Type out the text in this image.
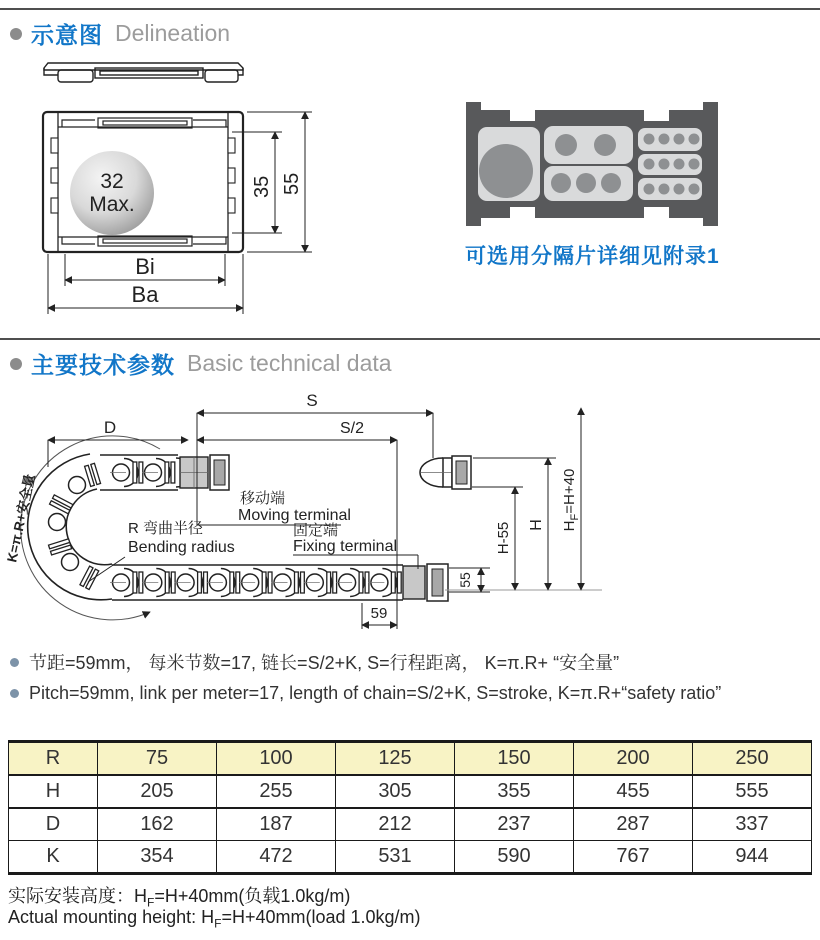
示意图 Delineation
32
Max.
35 55
Bi
Ba
可选用分隔片详细见附录1
主要技术参数 Basic technical data
S
S/2
D
59
55
H-55 H $H_F=H+40$
K=π.R+安全量	移动端
Moving terminal
固定端
Fixing terminal
R 弯曲半径
Bending radius
节距=59mm， 每米节数=17, 链长=S/2+K, S=行程距离， K=π.R+ “安全量”
Pitch=59mm, link per meter=17, length of chain=S/2+K, S=stroke, K=π.R+“safety ratio”
R	75	100	125	150	200	250
H	205	255	305	355	455	555
D	162	187	212	237	287	337
K	354	472	531	590	767	944
实际安装高度：$H_F=H+40mm$(负载1.0kg/m)
Actual mounting height: $H_F=H+40mm(load$ 1.0kg/m)
